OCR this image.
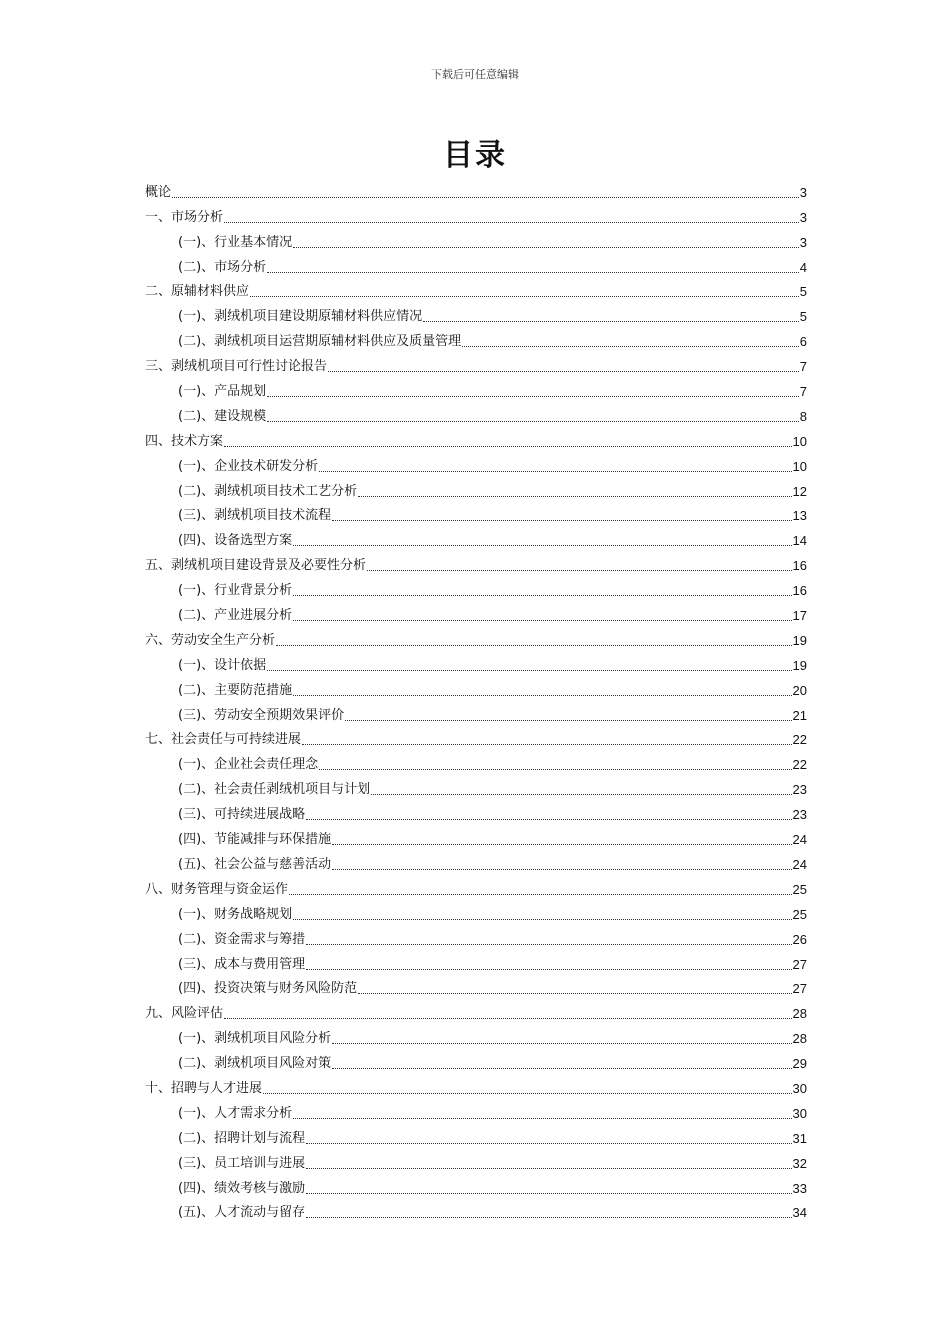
下载后可任意编辑
目录
概论	3
一、市场分析	3
(一)、行业基本情况	3
(二)、市场分析	4
二、原辅材料供应	5
(一)、剥绒机项目建设期原辅材料供应情况	5
(二)、剥绒机项目运营期原辅材料供应及质量管理	6
三、剥绒机项目可行性讨论报告	7
(一)、产品规划	7
(二)、建设规模	8
四、技术方案	10
(一)、企业技术研发分析	10
(二)、剥绒机项目技术工艺分析	12
(三)、剥绒机项目技术流程	13
(四)、设备选型方案	14
五、剥绒机项目建设背景及必要性分析	16
(一)、行业背景分析	16
(二)、产业进展分析	17
六、劳动安全生产分析	19
(一)、设计依据	19
(二)、主要防范措施	20
(三)、劳动安全预期效果评价	21
七、社会责任与可持续进展	22
(一)、企业社会责任理念	22
(二)、社会责任剥绒机项目与计划	23
(三)、可持续进展战略	23
(四)、节能减排与环保措施	24
(五)、社会公益与慈善活动	24
八、财务管理与资金运作	25
(一)、财务战略规划	25
(二)、资金需求与筹措	26
(三)、成本与费用管理	27
(四)、投资决策与财务风险防范	27
九、风险评估	28
(一)、剥绒机项目风险分析	28
(二)、剥绒机项目风险对策	29
十、招聘与人才进展	30
(一)、人才需求分析	30
(二)、招聘计划与流程	31
(三)、员工培训与进展	32
(四)、绩效考核与激励	33
(五)、人才流动与留存	34
